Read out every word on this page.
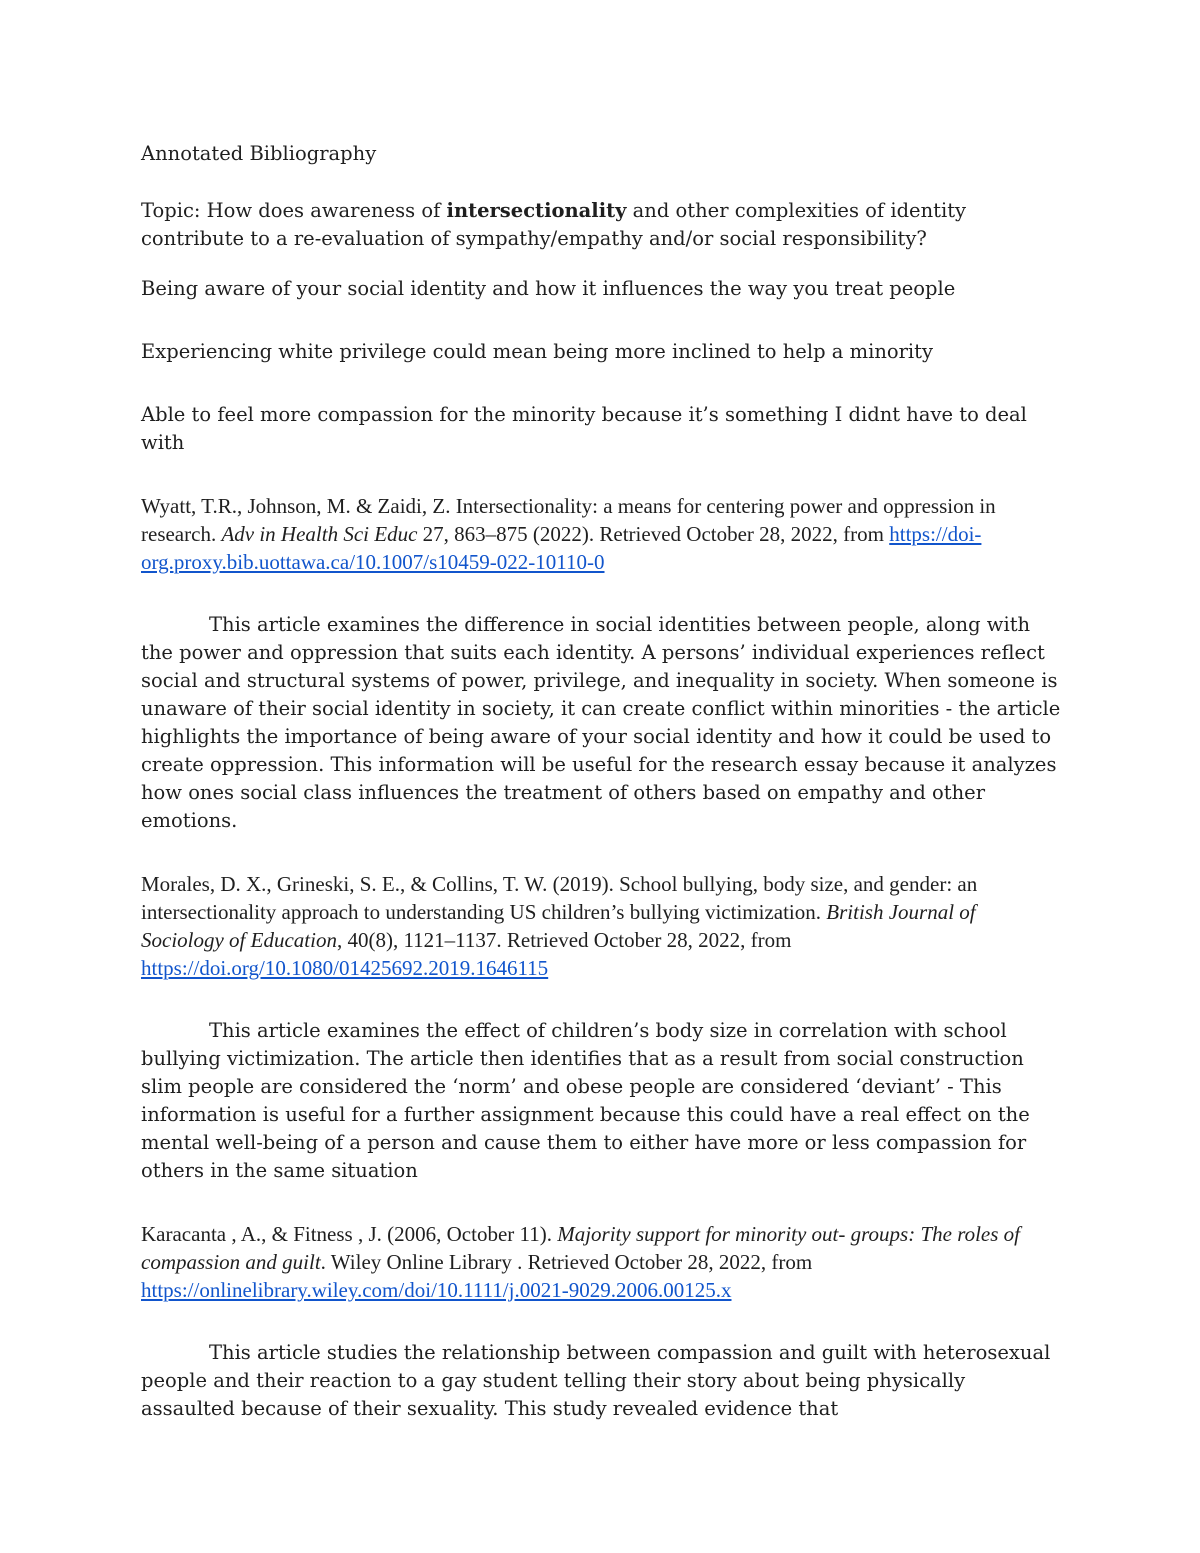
Annotated Bibliography

Topic: How does awareness of intersectionality and other complexities of identity contribute to a re-evaluation of sympathy/empathy and/or social responsibility?

Being aware of your social identity and how it influences the way you treat people

Experiencing white privilege could mean being more inclined to help a minority

Able to feel more compassion for the minority because it’s something I didnt have to deal with

Wyatt, T.R., Johnson, M. & Zaidi, Z. Intersectionality: a means for centering power and oppression in research. Adv in Health Sci Educ 27, 863–875 (2022). Retrieved October 28, 2022, from https://doi-org.proxy.bib.uottawa.ca/10.1007/s10459-022-10110-0

This article examines the difference in social identities between people, along with the power and oppression that suits each identity. A persons’ individual experiences reflect social and structural systems of power, privilege, and inequality in society. When someone is unaware of their social identity in society, it can create conflict within minorities - the article highlights the importance of being aware of your social identity and how it could be used to create oppression. This information will be useful for the research essay because it analyzes how ones social class influences the treatment of others based on empathy and other emotions.

Morales, D. X., Grineski, S. E., & Collins, T. W. (2019). School bullying, body size, and gender: an intersectionality approach to understanding US children’s bullying victimization. British Journal of Sociology of Education, 40(8), 1121–1137. Retrieved October 28, 2022, from https://doi.org/10.1080/01425692.2019.1646115

This article examines the effect of children’s body size in correlation with school bullying victimization. The article then identifies that as a result from social construction slim people are considered the ‘norm’ and obese people are considered ‘deviant’ - This information is useful for a further assignment because this could have a real effect on the mental well-being of a person and cause them to either have more or less compassion for others in the same situation

Karacanta , A., & Fitness , J. (2006, October 11). Majority support for minority out- groups: The roles of compassion and guilt. Wiley Online Library . Retrieved October 28, 2022, from https://onlinelibrary.wiley.com/doi/10.1111/j.0021-9029.2006.00125.x

This article studies the relationship between compassion and guilt with heterosexual people and their reaction to a gay student telling their story about being physically assaulted because of their sexuality. This study revealed evidence that
